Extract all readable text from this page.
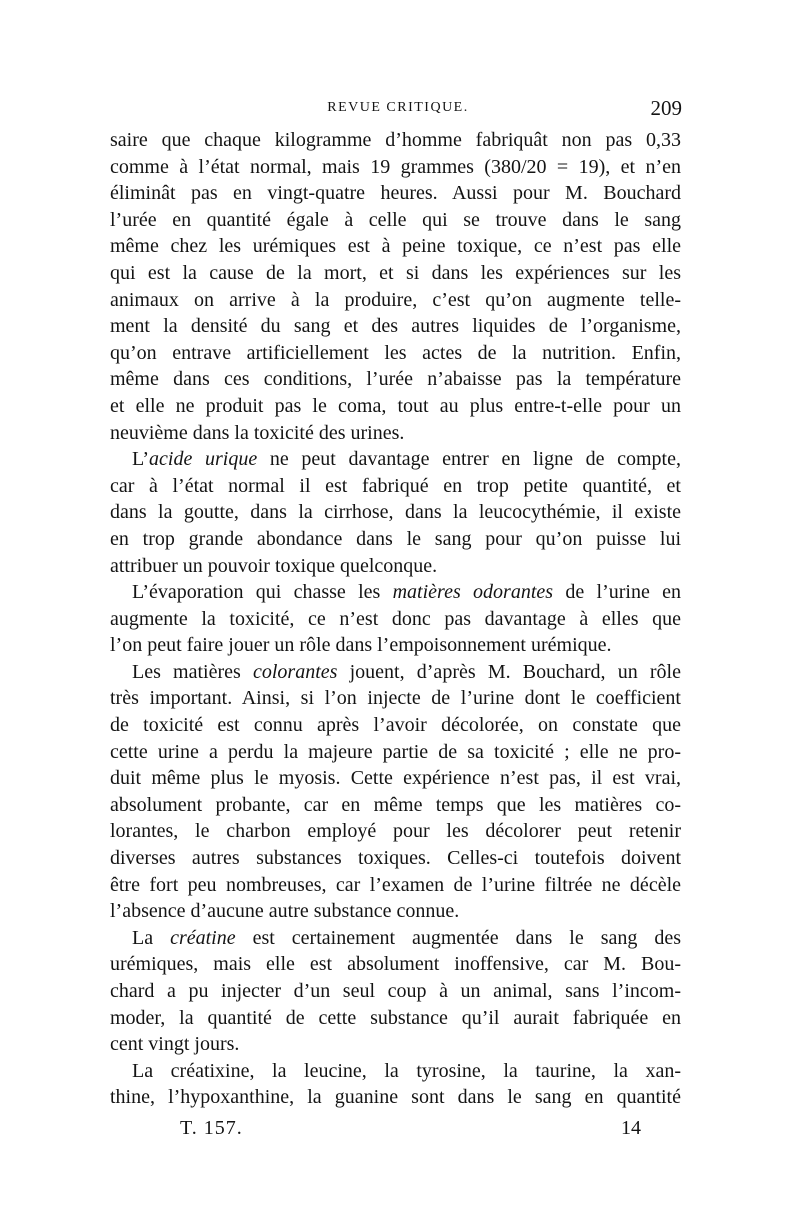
REVUE CRITIQUE.	209
saire que chaque kilogramme d’homme fabriquât non pas 0,33
comme à l’état normal, mais 19 grammes (380/20 = 19), et n’en
éliminât pas en vingt-quatre heures. Aussi pour M. Bouchard
l’urée en quantité égale à celle qui se trouve dans le sang
même chez les urémiques est à peine toxique, ce n’est pas elle
qui est la cause de la mort, et si dans les expériences sur les
animaux on arrive à la produire, c’est qu’on augmente telle-
ment la densité du sang et des autres liquides de l’organisme,
qu’on entrave artificiellement les actes de la nutrition. Enfin,
même dans ces conditions, l’urée n’abaisse pas la température
et elle ne produit pas le coma, tout au plus entre-t-elle pour un
neuvième dans la toxicité des urines.
L’acide urique ne peut davantage entrer en ligne de compte,
car à l’état normal il est fabriqué en trop petite quantité, et
dans la goutte, dans la cirrhose, dans la leucocythémie, il existe
en trop grande abondance dans le sang pour qu’on puisse lui
attribuer un pouvoir toxique quelconque.
L’évaporation qui chasse les matières odorantes de l’urine en
augmente la toxicité, ce n’est donc pas davantage à elles que
l’on peut faire jouer un rôle dans l’empoisonnement urémique.
Les matières colorantes jouent, d’après M. Bouchard, un rôle
très important. Ainsi, si l’on injecte de l’urine dont le coefficient
de toxicité est connu après l’avoir décolorée, on constate que
cette urine a perdu la majeure partie de sa toxicité ; elle ne pro-
duit même plus le myosis. Cette expérience n’est pas, il est vrai,
absolument probante, car en même temps que les matières co-
lorantes, le charbon employé pour les décolorer peut retenir
diverses autres substances toxiques. Celles-ci toutefois doivent
être fort peu nombreuses, car l’examen de l’urine filtrée ne décèle
l’absence d’aucune autre substance connue.
La créatine est certainement augmentée dans le sang des
urémiques, mais elle est absolument inoffensive, car M. Bou-
chard a pu injecter d’un seul coup à un animal, sans l’incom-
moder, la quantité de cette substance qu’il aurait fabriquée en
cent vingt jours.
La créatixine, la leucine, la tyrosine, la taurine, la xan-
thine, l’hypoxanthine, la guanine sont dans le sang en quantité
T. 157.	14
